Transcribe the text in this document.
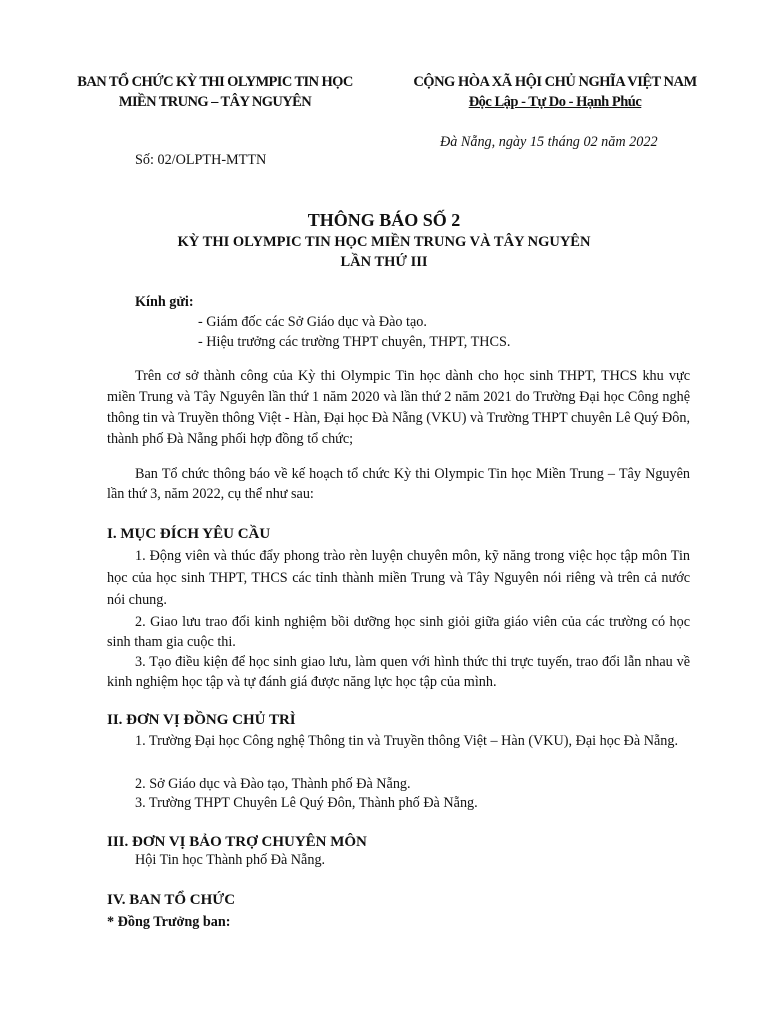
BAN TỔ CHỨC KỲ THI OLYMPIC TIN HỌC
MIỀN TRUNG – TÂY NGUYÊN
CỘNG HÒA XÃ HỘI CHỦ NGHĨA VIỆT NAM
Độc Lập - Tự Do - Hạnh Phúc
Đà Nẵng, ngày 15 tháng 02 năm 2022
Số: 02/OLPTH-MTTN
THÔNG BÁO SỐ 2
KỲ THI OLYMPIC TIN HỌC MIỀN TRUNG VÀ TÂY NGUYÊN
LẦN THỨ III
Kính gửi:
- Giám đốc các Sở Giáo dục và Đào tạo.
- Hiệu trưởng các trường THPT chuyên, THPT, THCS.
Trên cơ sở thành công của Kỳ thi Olympic Tin học dành cho học sinh THPT, THCS khu vực miền Trung và Tây Nguyên lần thứ 1 năm 2020 và lần thứ 2 năm 2021 do Trường Đại học Công nghệ thông tin và Truyền thông Việt - Hàn, Đại học Đà Nẵng (VKU) và Trường THPT chuyên Lê Quý Đôn, thành phố Đà Nẵng phối hợp đồng tổ chức;
Ban Tổ chức thông báo về kế hoạch tổ chức Kỳ thi Olympic Tin học Miền Trung – Tây Nguyên lần thứ 3, năm 2022, cụ thể như sau:
I. MỤC ĐÍCH YÊU CẦU
1. Động viên và thúc đẩy phong trào rèn luyện chuyên môn, kỹ năng trong việc học tập môn Tin học của học sinh THPT, THCS các tỉnh thành miền Trung và Tây Nguyên nói riêng và trên cả nước nói chung.
2. Giao lưu trao đổi kinh nghiệm bồi dưỡng học sinh giỏi giữa giáo viên của các trường có học sinh tham gia cuộc thi.
3. Tạo điều kiện để học sinh giao lưu, làm quen với hình thức thi trực tuyến, trao đổi lẫn nhau về kinh nghiệm học tập và tự đánh giá được năng lực học tập của mình.
II. ĐƠN VỊ ĐỒNG CHỦ TRÌ
1. Trường Đại học Công nghệ Thông tin và Truyền thông Việt – Hàn (VKU), Đại học Đà Nẵng.
2. Sở Giáo dục và Đào tạo, Thành phố Đà Nẵng.
3. Trường THPT Chuyên Lê Quý Đôn, Thành phố Đà Nẵng.
III. ĐƠN VỊ BẢO TRỢ CHUYÊN MÔN
Hội Tin học Thành phố Đà Nẵng.
IV. BAN TỔ CHỨC
* Đồng Trưởng ban:
